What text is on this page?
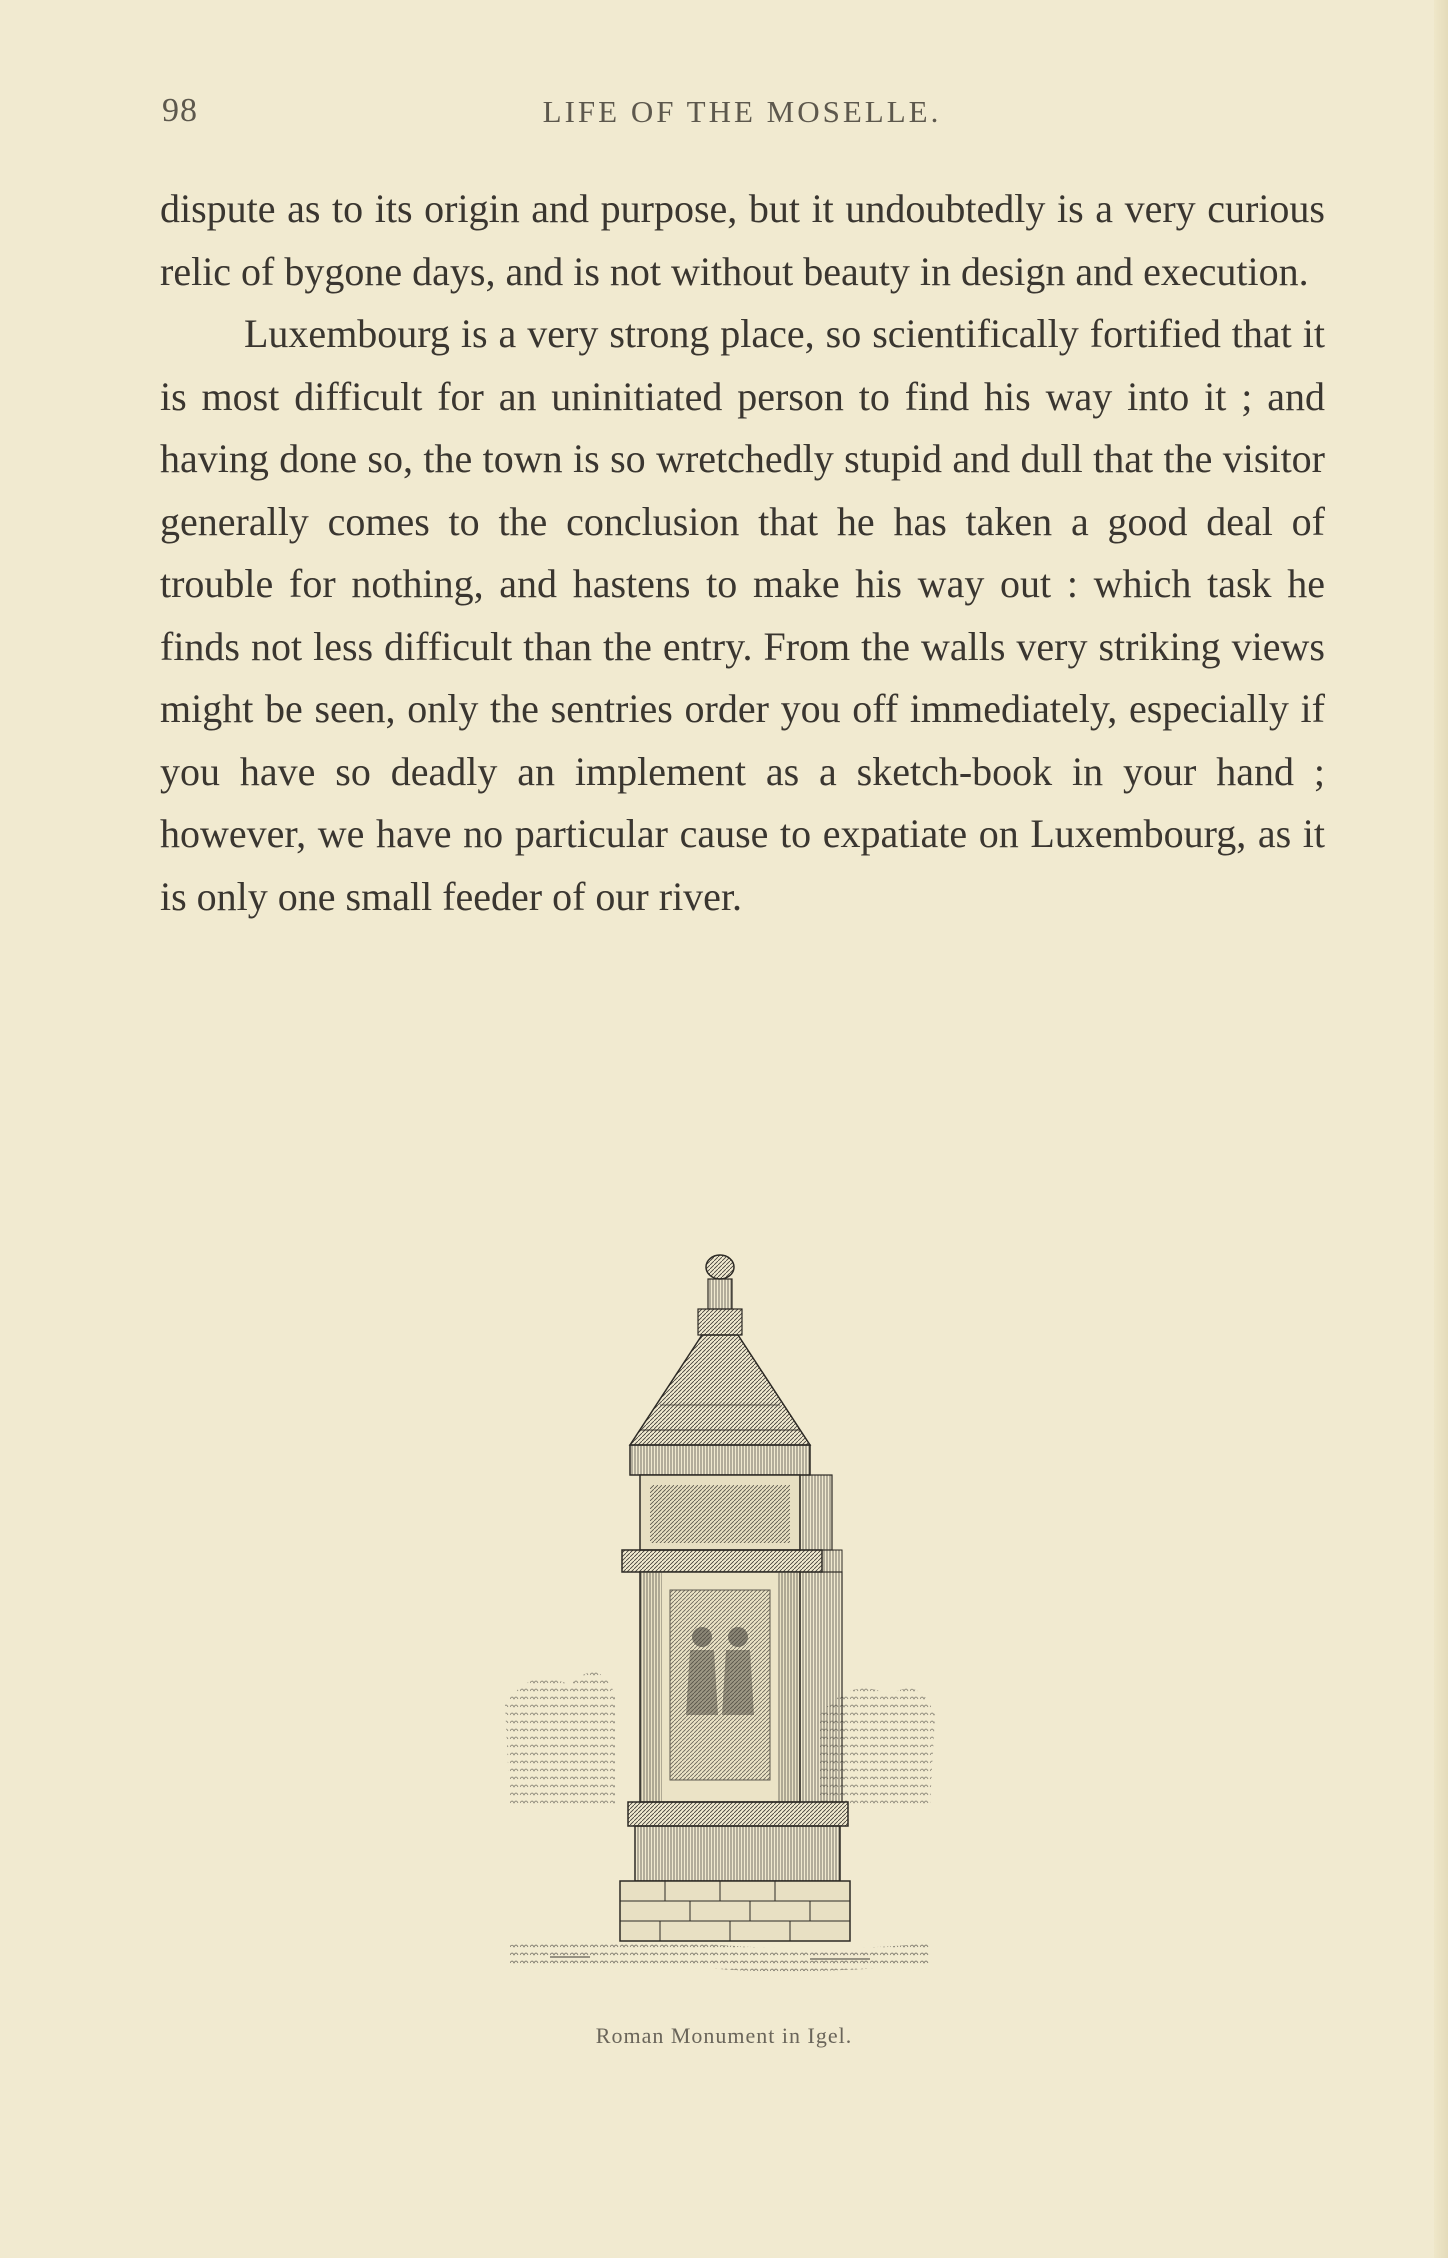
98	LIFE OF THE MOSELLE.

dispute as to its origin and purpose, but it undoubtedly is a very curious relic of bygone days, and is not without beauty in design and execution.

Luxembourg is a very strong place, so scientifically fortified that it is most difficult for an uninitiated person to find his way into it ; and having done so, the town is so wretchedly stupid and dull that the visitor generally comes to the conclusion that he has taken a good deal of trouble for nothing, and hastens to make his way out : which task he finds not less difficult than the entry. From the walls very striking views might be seen, only the sentries order you off immediately, especially if you have so deadly an implement as a sketch-book in your hand ; however, we have no particular cause to expatiate on Luxembourg, as it is only one small feeder of our river.

Roman Monument in Igel.
